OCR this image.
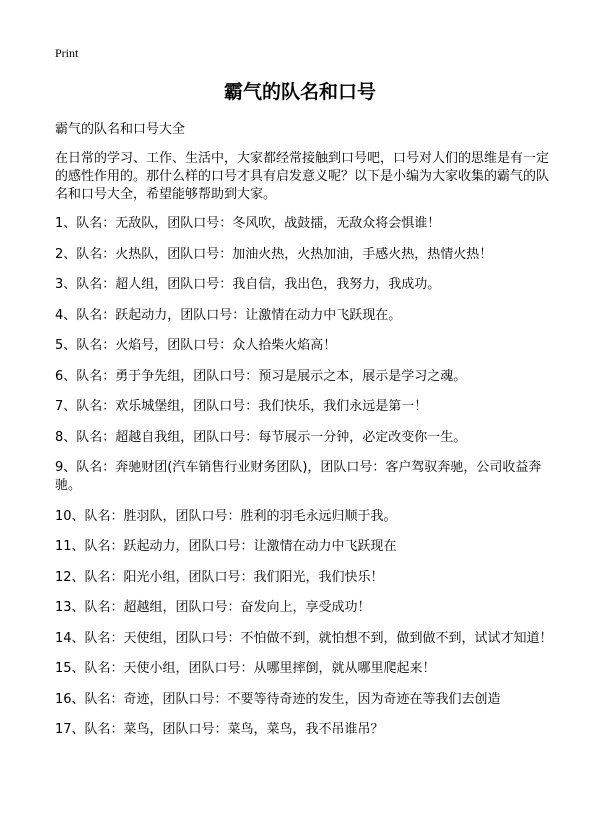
Print
霸气的队名和口号

霸气的队名和口号大全

在日常的学习、工作、生活中，大家都经常接触到口号吧，口号对人们的思维是有一定的感性作用的。那什么样的口号才具有启发意义呢？以下是小编为大家收集的霸气的队名和口号大全，希望能够帮助到大家。

1、队名：无敌队，团队口号：冬风吹，战鼓擂，无敌众将会惧谁！
2、队名：火热队，团队口号：加油火热，火热加油，手感火热，热情火热！
3、队名：超人组，团队口号：我自信，我出色，我努力，我成功。
4、队名：跃起动力，团队口号：让激情在动力中飞跃现在。
5、队名：火焰号，团队口号：众人拾柴火焰高！
6、队名：勇于争先组，团队口号：预习是展示之本，展示是学习之魂。
7、队名：欢乐城堡组，团队口号：我们快乐，我们永远是第一！
8、队名：超越自我组，团队口号：每节展示一分钟，必定改变你一生。
9、队名：奔驰财团(汽车销售行业财务团队)，团队口号：客户驾驭奔驰，公司收益奔驰。
10、队名：胜羽队，团队口号：胜利的羽毛永远归顺于我。
11、队名：跃起动力，团队口号：让激情在动力中飞跃现在
12、队名：阳光小组，团队口号：我们阳光，我们快乐！
13、队名：超越组，团队口号：奋发向上，享受成功！
14、队名：天使组，团队口号：不怕做不到，就怕想不到，做到做不到，试试才知道！
15、队名：天使小组，团队口号：从哪里摔倒，就从哪里爬起来！
16、队名：奇迹，团队口号：不要等待奇迹的发生，因为奇迹在等我们去创造
17、队名：菜鸟，团队口号：菜鸟，菜鸟，我不吊谁吊？
